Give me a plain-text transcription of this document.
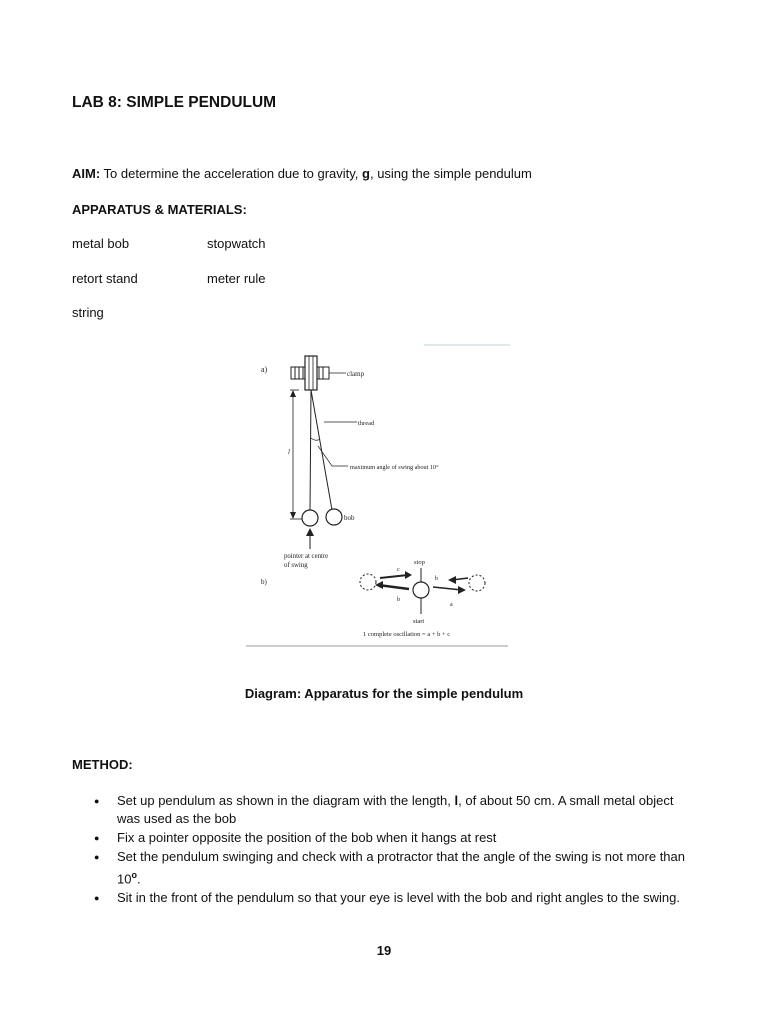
LAB 8: SIMPLE PENDULUM
AIM: To determine the acceleration due to gravity, g, using the simple pendulum
APPARATUS & MATERIALS:
metal bob	stopwatch
retort stand	meter rule
string
a)	clamp
l
thread
maximum angle of swing about 10°
bob
pointer at centre
of swing
b)
stop
c
b
b
a
start
1 complete oscillation = a + b + c
Diagram: Apparatus for the simple pendulum
METHOD:
● Set up pendulum as shown in the diagram with the length, l, of about 50 cm. A small metal object was used as the bob
● Fix a pointer opposite the position of the bob when it hangs at rest
● Set the pendulum swinging and check with a protractor that the angle of the swing is not more than 10$^o$.
● Sit in the front of the pendulum so that your eye is level with the bob and right angles to the swing.
19
